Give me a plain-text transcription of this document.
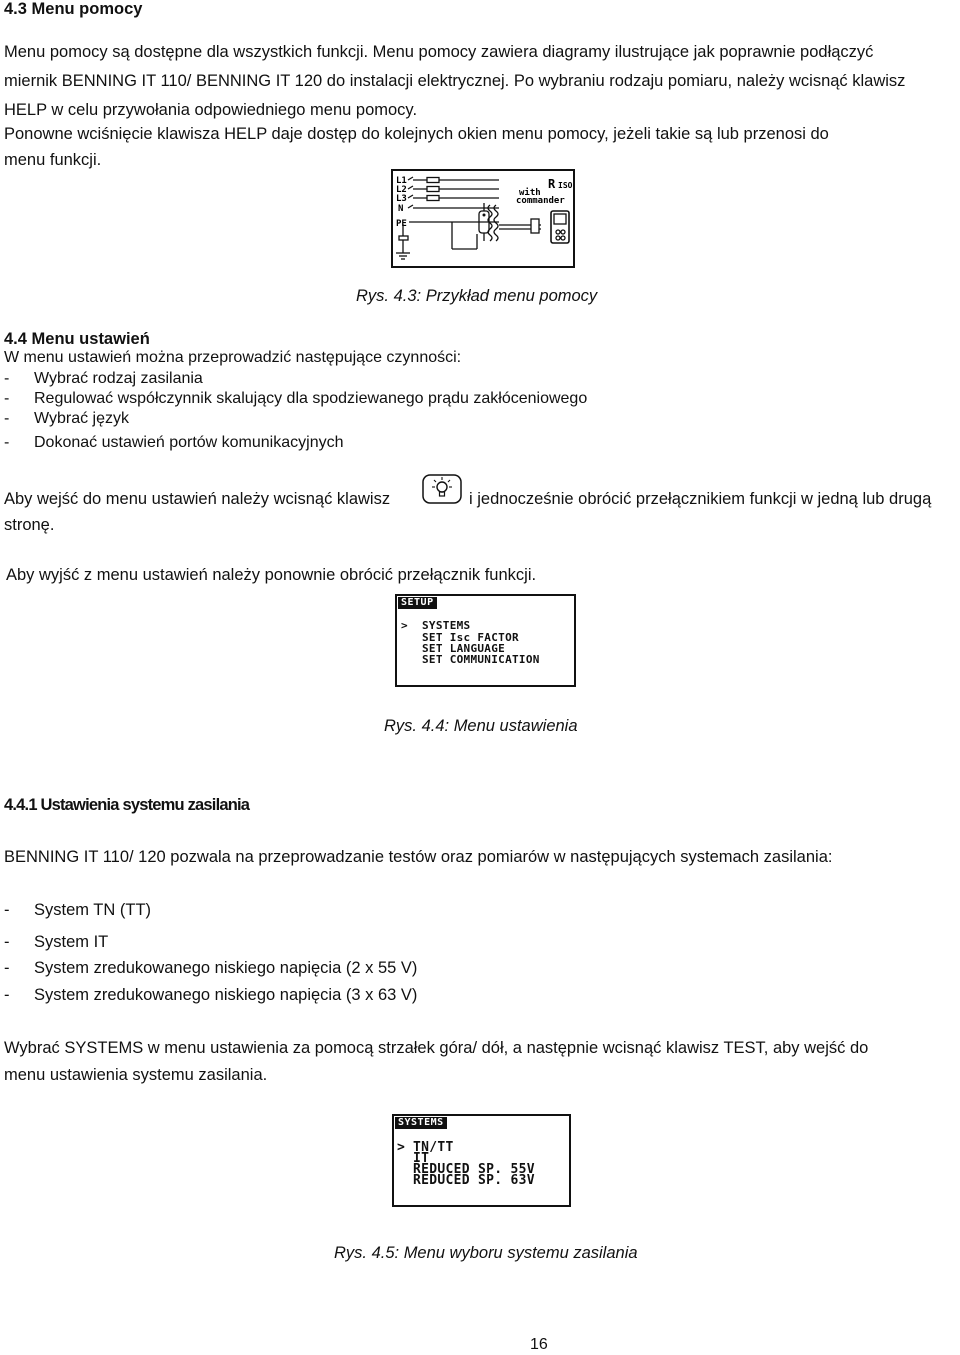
4.3 Menu pomocy
Menu pomocy są dostępne dla wszystkich funkcji. Menu pomocy zawiera diagramy ilustrujące jak poprawnie podłączyć
miernik BENNING IT 110/ BENNING IT 120 do instalacji elektrycznej. Po wybraniu rodzaju pomiaru, należy wcisnąć klawisz
HELP w celu przywołania odpowiedniego menu pomocy.
Ponowne wciśnięcie klawisza HELP daje dostęp do kolejnych okien menu pomocy, jeżeli takie są lub przenosi do
menu funkcji.
L1
L2
L3
N
PE
R ISO
with
commander
Rys. 4.3: Przykład menu pomocy
4.4 Menu ustawień
W menu ustawień można przeprowadzić następujące czynności:
- Wybrać rodzaj zasilania
- Regulować współczynnik skalujący dla spodziewanego prądu zakłóceniowego
- Wybrać język
- Dokonać ustawień portów komunikacyjnych
Aby wejść do menu ustawień należy wcisnąć klawisz	i jednocześnie obrócić przełącznikiem funkcji w jedną lub drugą
stronę.
Aby wyjść z menu ustawień należy ponownie obrócić przełącznik funkcji.
SETUP
> SYSTEMS
SET Isc FACTOR
SET LANGUAGE
SET COMMUNICATION
Rys. 4.4: Menu ustawienia
4.4.1 Ustawienia systemu zasilania
BENNING IT 110/ 120 pozwala na przeprowadzanie testów oraz pomiarów w następujących systemach zasilania:
- System TN (TT)
- System IT
- System zredukowanego niskiego napięcia (2 x 55 V)
- System zredukowanego niskiego napięcia (3 x 63 V)
Wybrać SYSTEMS w menu ustawienia za pomocą strzałek góra/ dół, a następnie wcisnąć klawisz TEST, aby wejść do
menu ustawienia systemu zasilania.
SYSTEMS
> TN/TT
IT
REDUCED SP. 55V
REDUCED SP. 63V
Rys. 4.5: Menu wyboru systemu zasilania
16
